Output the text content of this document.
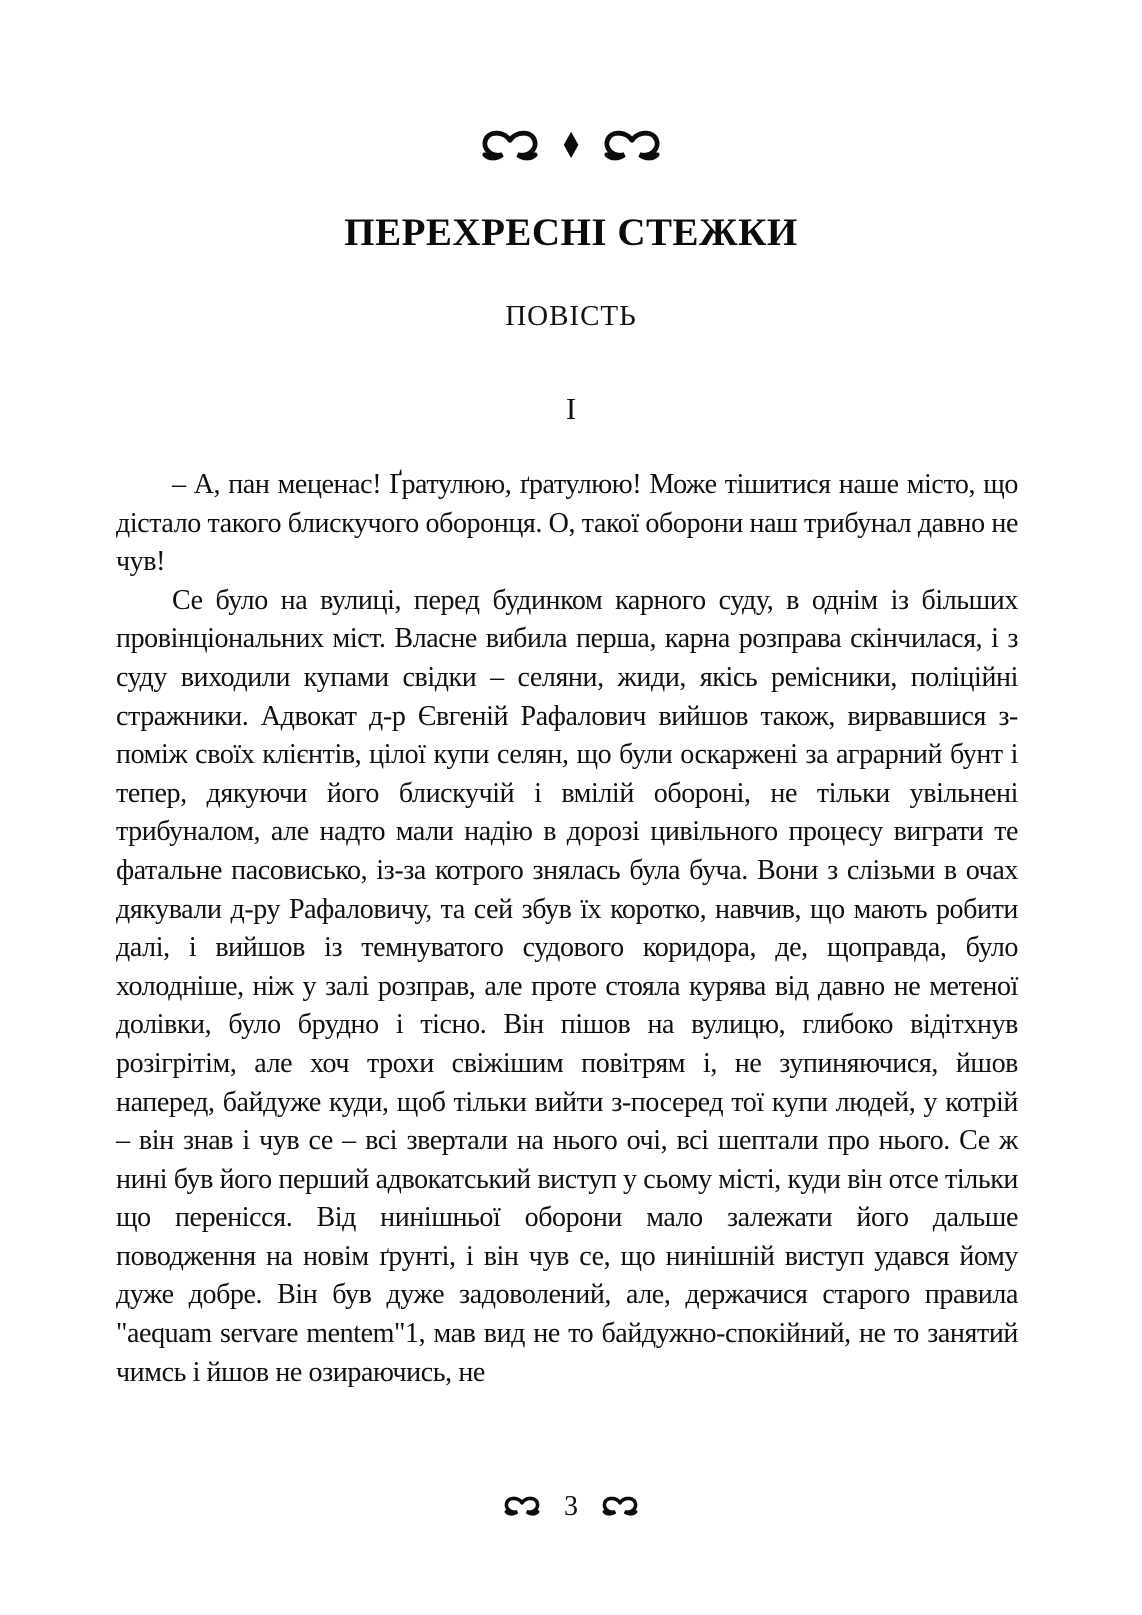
♦
ПЕРЕХРЕСНІ СТЕЖКИ
ПОВІСТЬ
I

– А, пан меценас! Ґратулюю, ґратулюю! Може тішитися наше місто, що дістало такого блискучого оборонця. О, такої оборони наш трибунал давно не чув!

Се було на вулиці, перед будинком карного суду, в однім із більших провінціональних міст. Власне вибила перша, карна розправа скінчилася, і з суду виходили купами свідки – селяни, жиди, якісь ремісники, поліційні стражники. Адвокат д-р Євгеній Рафалович вийшов також, вирвавшися з-поміж своїх клієнтів, цілої купи селян, що були оскаржені за аграрний бунт і тепер, дякуючи його блискучій і вмілій обороні, не тільки увільнені трибуналом, але надто мали надію в дорозі цивільного процесу виграти те фатальне пасовисько, із-за котрого знялась була буча. Вони з слізьми в очах дякували д-ру Рафаловичу, та сей збув їх коротко, навчив, що мають робити далі, і вийшов із темнуватого судового коридора, де, щоправда, було холодніше, ніж у залі розправ, але проте стояла курява від давно не метеної долівки, було брудно і тісно. Він пішов на вулицю, глибоко відітхнув розігрітім, але хоч трохи свіжішим повітрям і, не зупиняючися, йшов наперед, байдуже куди, щоб тільки вийти з-посеред тої купи людей, у котрій – він знав і чув се – всі звертали на нього очі, всі шептали про нього. Се ж нині був його перший адвокатський виступ у сьому місті, куди він отсе тільки що перенісся. Від нинішньої оборони мало залежати його дальше поводження на новім ґрунті, і він чув се, що нинішній виступ удався йому дуже добре. Він був дуже задоволений, але, держачися старого правила "aequam servare mentem"1, мав вид не то байдужно-спокійний, не то занятий чимсь і йшов не озираючись, не

3
